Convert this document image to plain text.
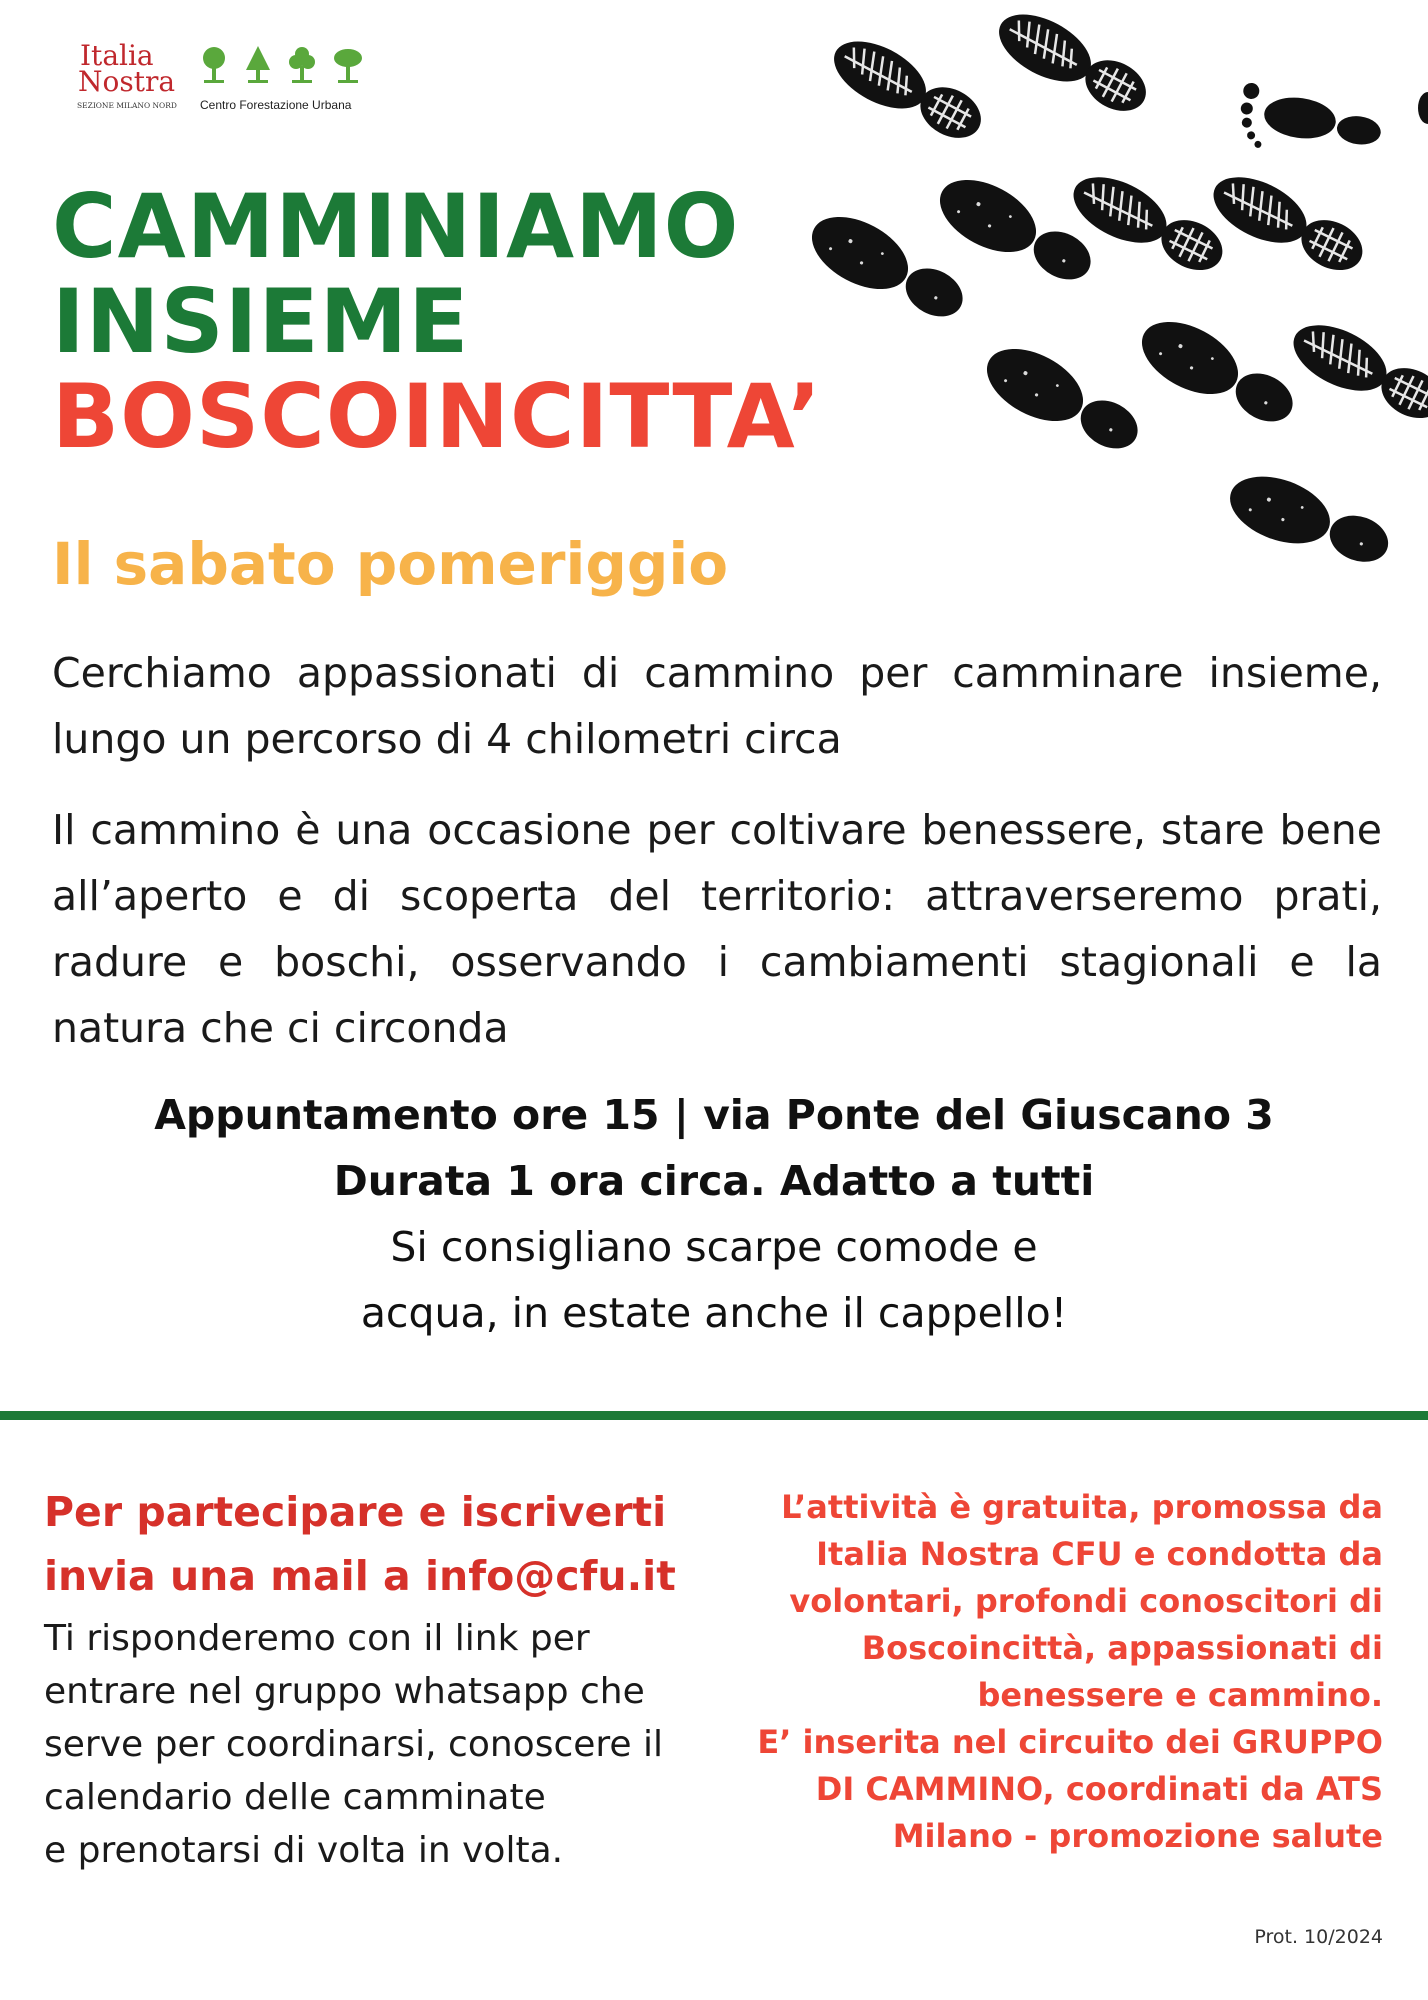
Italia
Nostra
SEZIONE MILANO NORD Centro Forestazione Urbana
CAMMINIAMO
INSIEME
BOSCOINCITTA’
Il sabato pomeriggio
Cerchiamo appassionati di cammino per camminare insieme, lungo un percorso di 4 chilometri circa
Il cammino è una occasione per coltivare benessere, stare bene all’aperto e di scoperta del territorio: attraverseremo prati, radure e boschi, osservando i cambiamenti stagionali e la natura che ci circonda
Appuntamento ore 15 | via Ponte del Giuscano 3
Durata 1 ora circa. Adatto a tutti
Si consigliano scarpe comode e
acqua, in estate anche il cappello!
Per partecipare e iscriverti
invia una mail a info@cfu.it
Ti risponderemo con il link per
entrare nel gruppo whatsapp che
serve per coordinarsi, conoscere il
calendario delle camminate
e prenotarsi di volta in volta.
L’attività è gratuita, promossa da
Italia Nostra CFU e condotta da
volontari, profondi conoscitori di
Boscoincittà, appassionati di
benessere e cammino.
E’ inserita nel circuito dei GRUPPO
DI CAMMINO, coordinati da ATS
Milano - promozione salute
Prot. 10/2024
